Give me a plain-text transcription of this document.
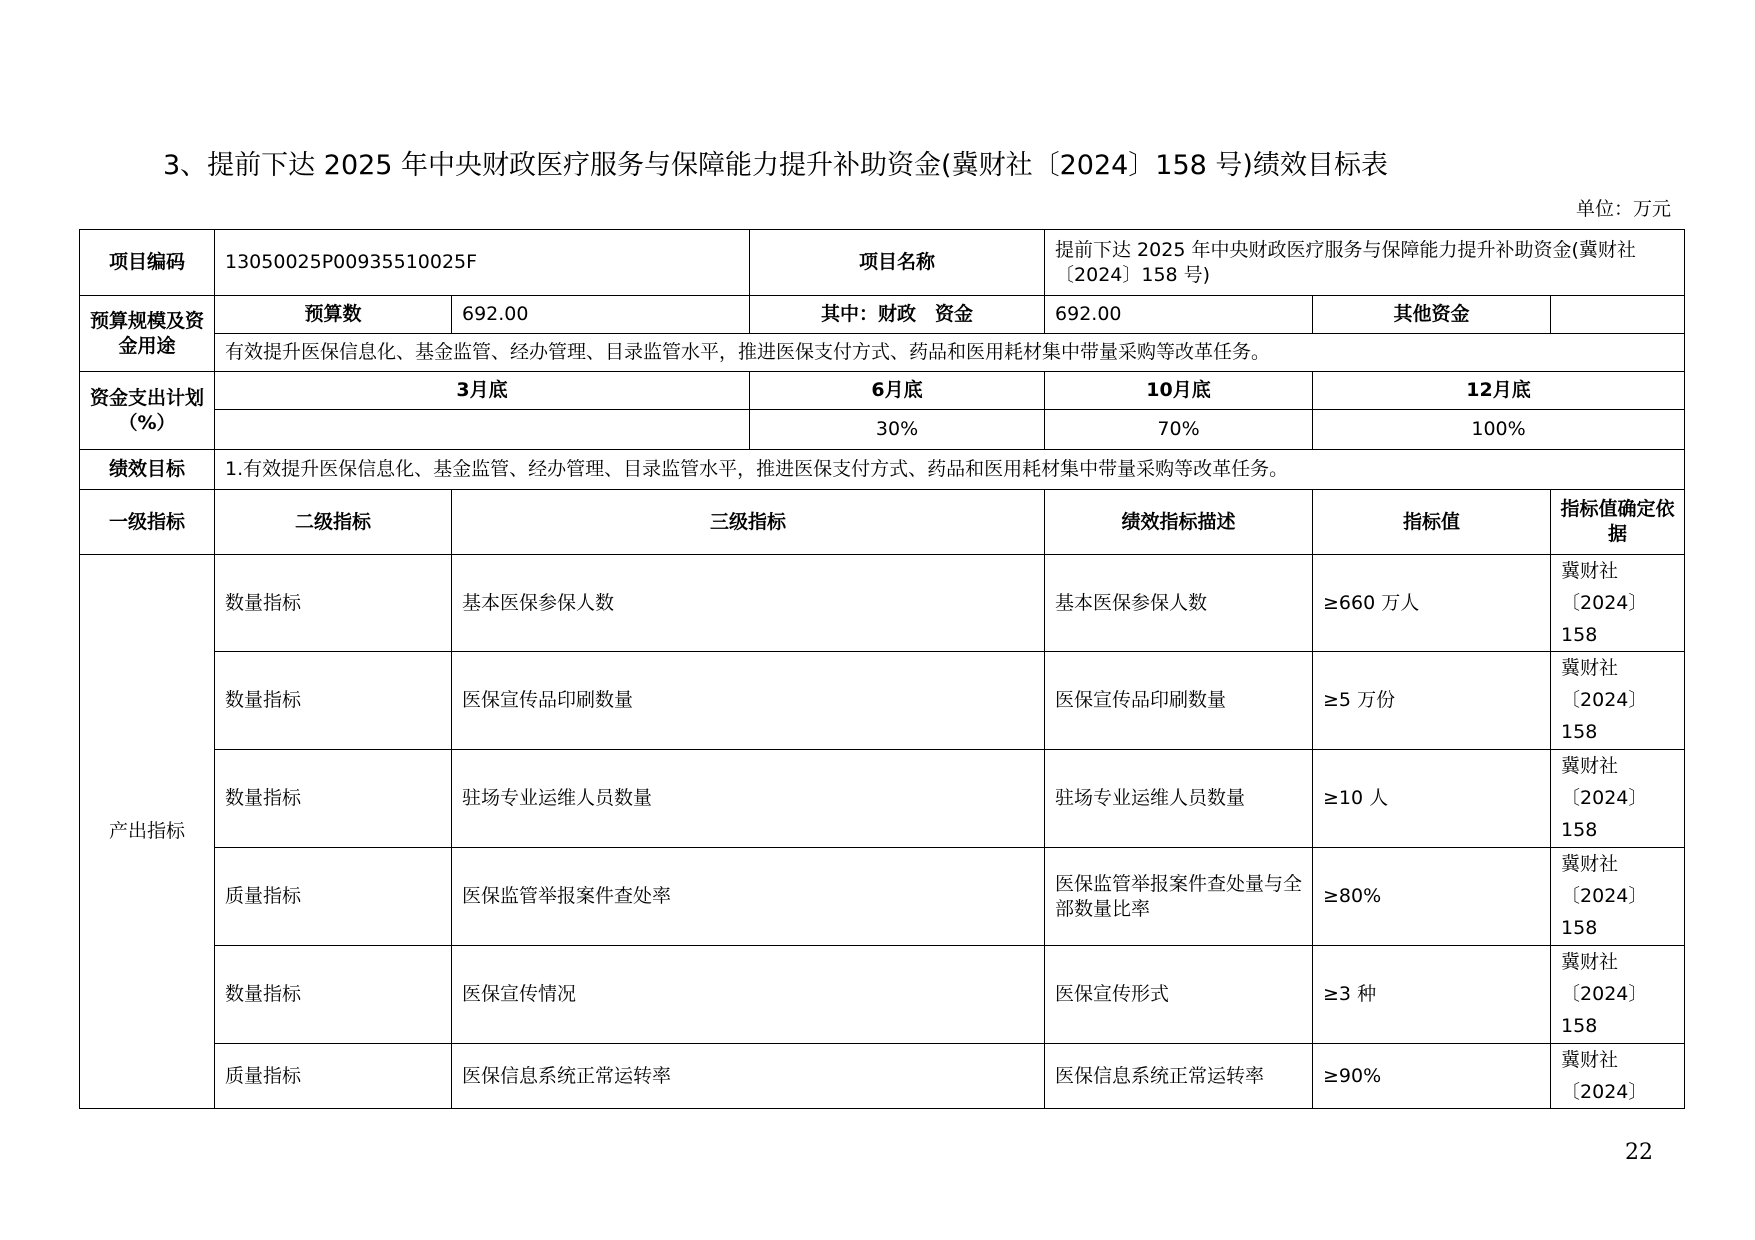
3、提前下达 2025 年中央财政医疗服务与保障能力提升补助资金(冀财社〔2024〕158 号)绩效目标表
单位：万元
项目编码	13050025P00935510025F		项目名称	提前下达 2025 年中央财政医疗服务与保障能力提升补助资金(冀财社〔2024〕158 号)		
预算规模及资金用途	预算数	692.00	其中：财政　资金	692.00	其他资金	
	有效提升医保信息化、基金监管、经办管理、目录监管水平，推进医保支付方式、药品和医用耗材集中带量采购等改革任务。					
资金支出计划（%）	3月底		6月底	10月底	12月底	
			30%	70%	100%	
绩效目标	1.有效提升医保信息化、基金监管、经办管理、目录监管水平，推进医保支付方式、药品和医用耗材集中带量采购等改革任务。					
一级指标	二级指标	三级指标		绩效指标描述	指标值	指标值确定依据
产出指标	数量指标	基本医保参保人数		基本医保参保人数	≥660 万人	冀财社
〔2024〕
158
	数量指标	医保宣传品印刷数量		医保宣传品印刷数量	≥5 万份	冀财社
〔2024〕
158
	数量指标	驻场专业运维人员数量		驻场专业运维人员数量	≥10 人	冀财社
〔2024〕
158
	质量指标	医保监管举报案件查处率		医保监管举报案件查处量与全部数量比率	≥80%	冀财社
〔2024〕
158
	数量指标	医保宣传情况		医保宣传形式	≥3 种	冀财社
〔2024〕
158
	质量指标	医保信息系统正常运转率		医保信息系统正常运转率	≥90%	冀财社
〔2024〕
22
